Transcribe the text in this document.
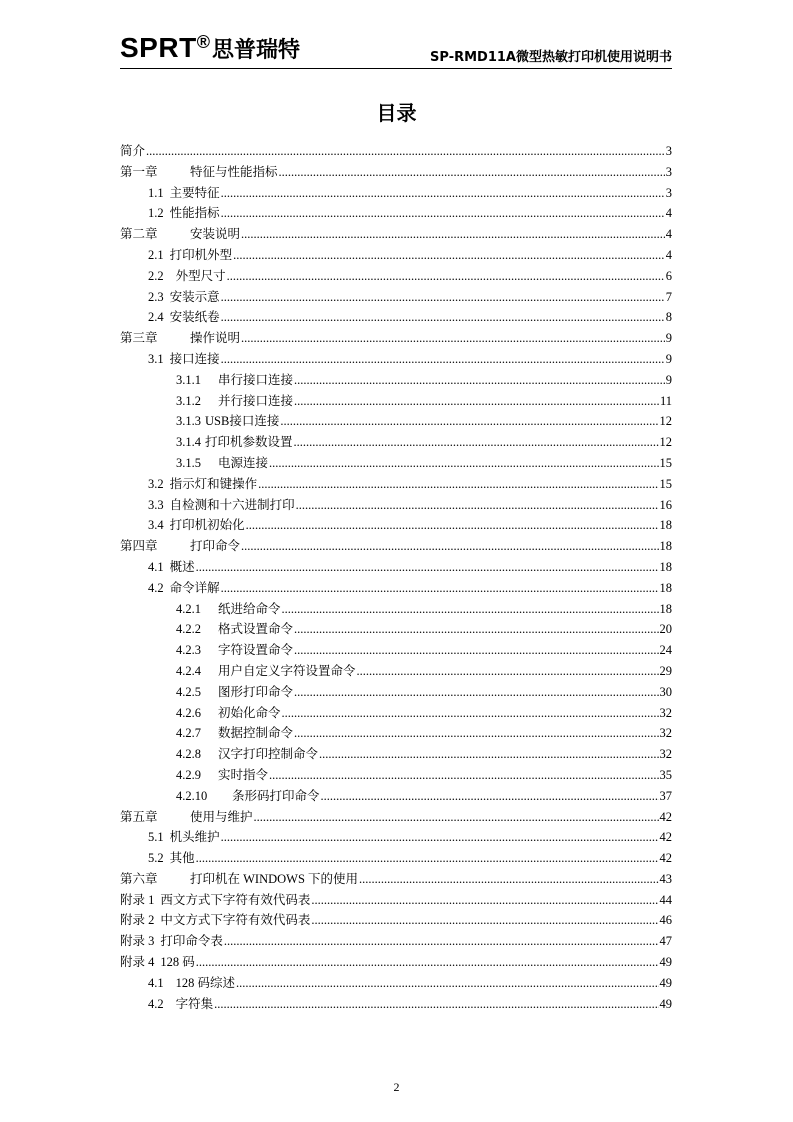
SPRT®思普瑞特	SP-RMD11A微型热敏打印机使用说明书
目录
简介 .....	3
第一章	特征与性能指标 .....	3
1.1 主要特征 .....	3
1.2 性能指标 .....	4
第二章	安装说明 .....	4
2.1 打印机外型 .....	4
2.2 外型尺寸 .....	6
2.3 安装示意 .....	7
2.4 安装纸卷 .....	8
第三章	操作说明 .....	9
3.1 接口连接 .....	9
3.1.1	串行接口连接 .....	9
3.1.2	并行接口连接 .....	11
3.1.3 USB接口连接 .....	12
3.1.4 打印机参数设置 .....	12
3.1.5	电源连接 .....	15
3.2 指示灯和键操作 .....	15
3.3 自检测和十六进制打印 .....	16
3.4 打印机初始化 .....	18
第四章	打印命令 .....	18
4.1 概述 .....	18
4.2 命令详解 .....	18
4.2.1	纸进给命令 .....	18
4.2.2	格式设置命令 .....	20
4.2.3	字符设置命令 .....	24
4.2.4	用户自定义字符设置命令 .....	29
4.2.5	图形打印命令 .....	30
4.2.6	初始化命令 .....	32
4.2.7	数据控制命令 .....	32
4.2.8	汉字打印控制命令 .....	32
4.2.9	实时指令 .....	35
4.2.10	条形码打印命令 .....	37
第五章	使用与维护 .....	42
5.1 机头维护 .....	42
5.2 其他 .....	42
第六章	打印机在 WINDOWS 下的使用 .....	43
附录 1 西文方式下字符有效代码表 .....	44
附录 2 中文方式下字符有效代码表 .....	46
附录 3 打印命令表 .....	47
附录 4 128 码 .....	49
4.1 128 码综述 .....	49
4.2 字符集 .....	49
2
